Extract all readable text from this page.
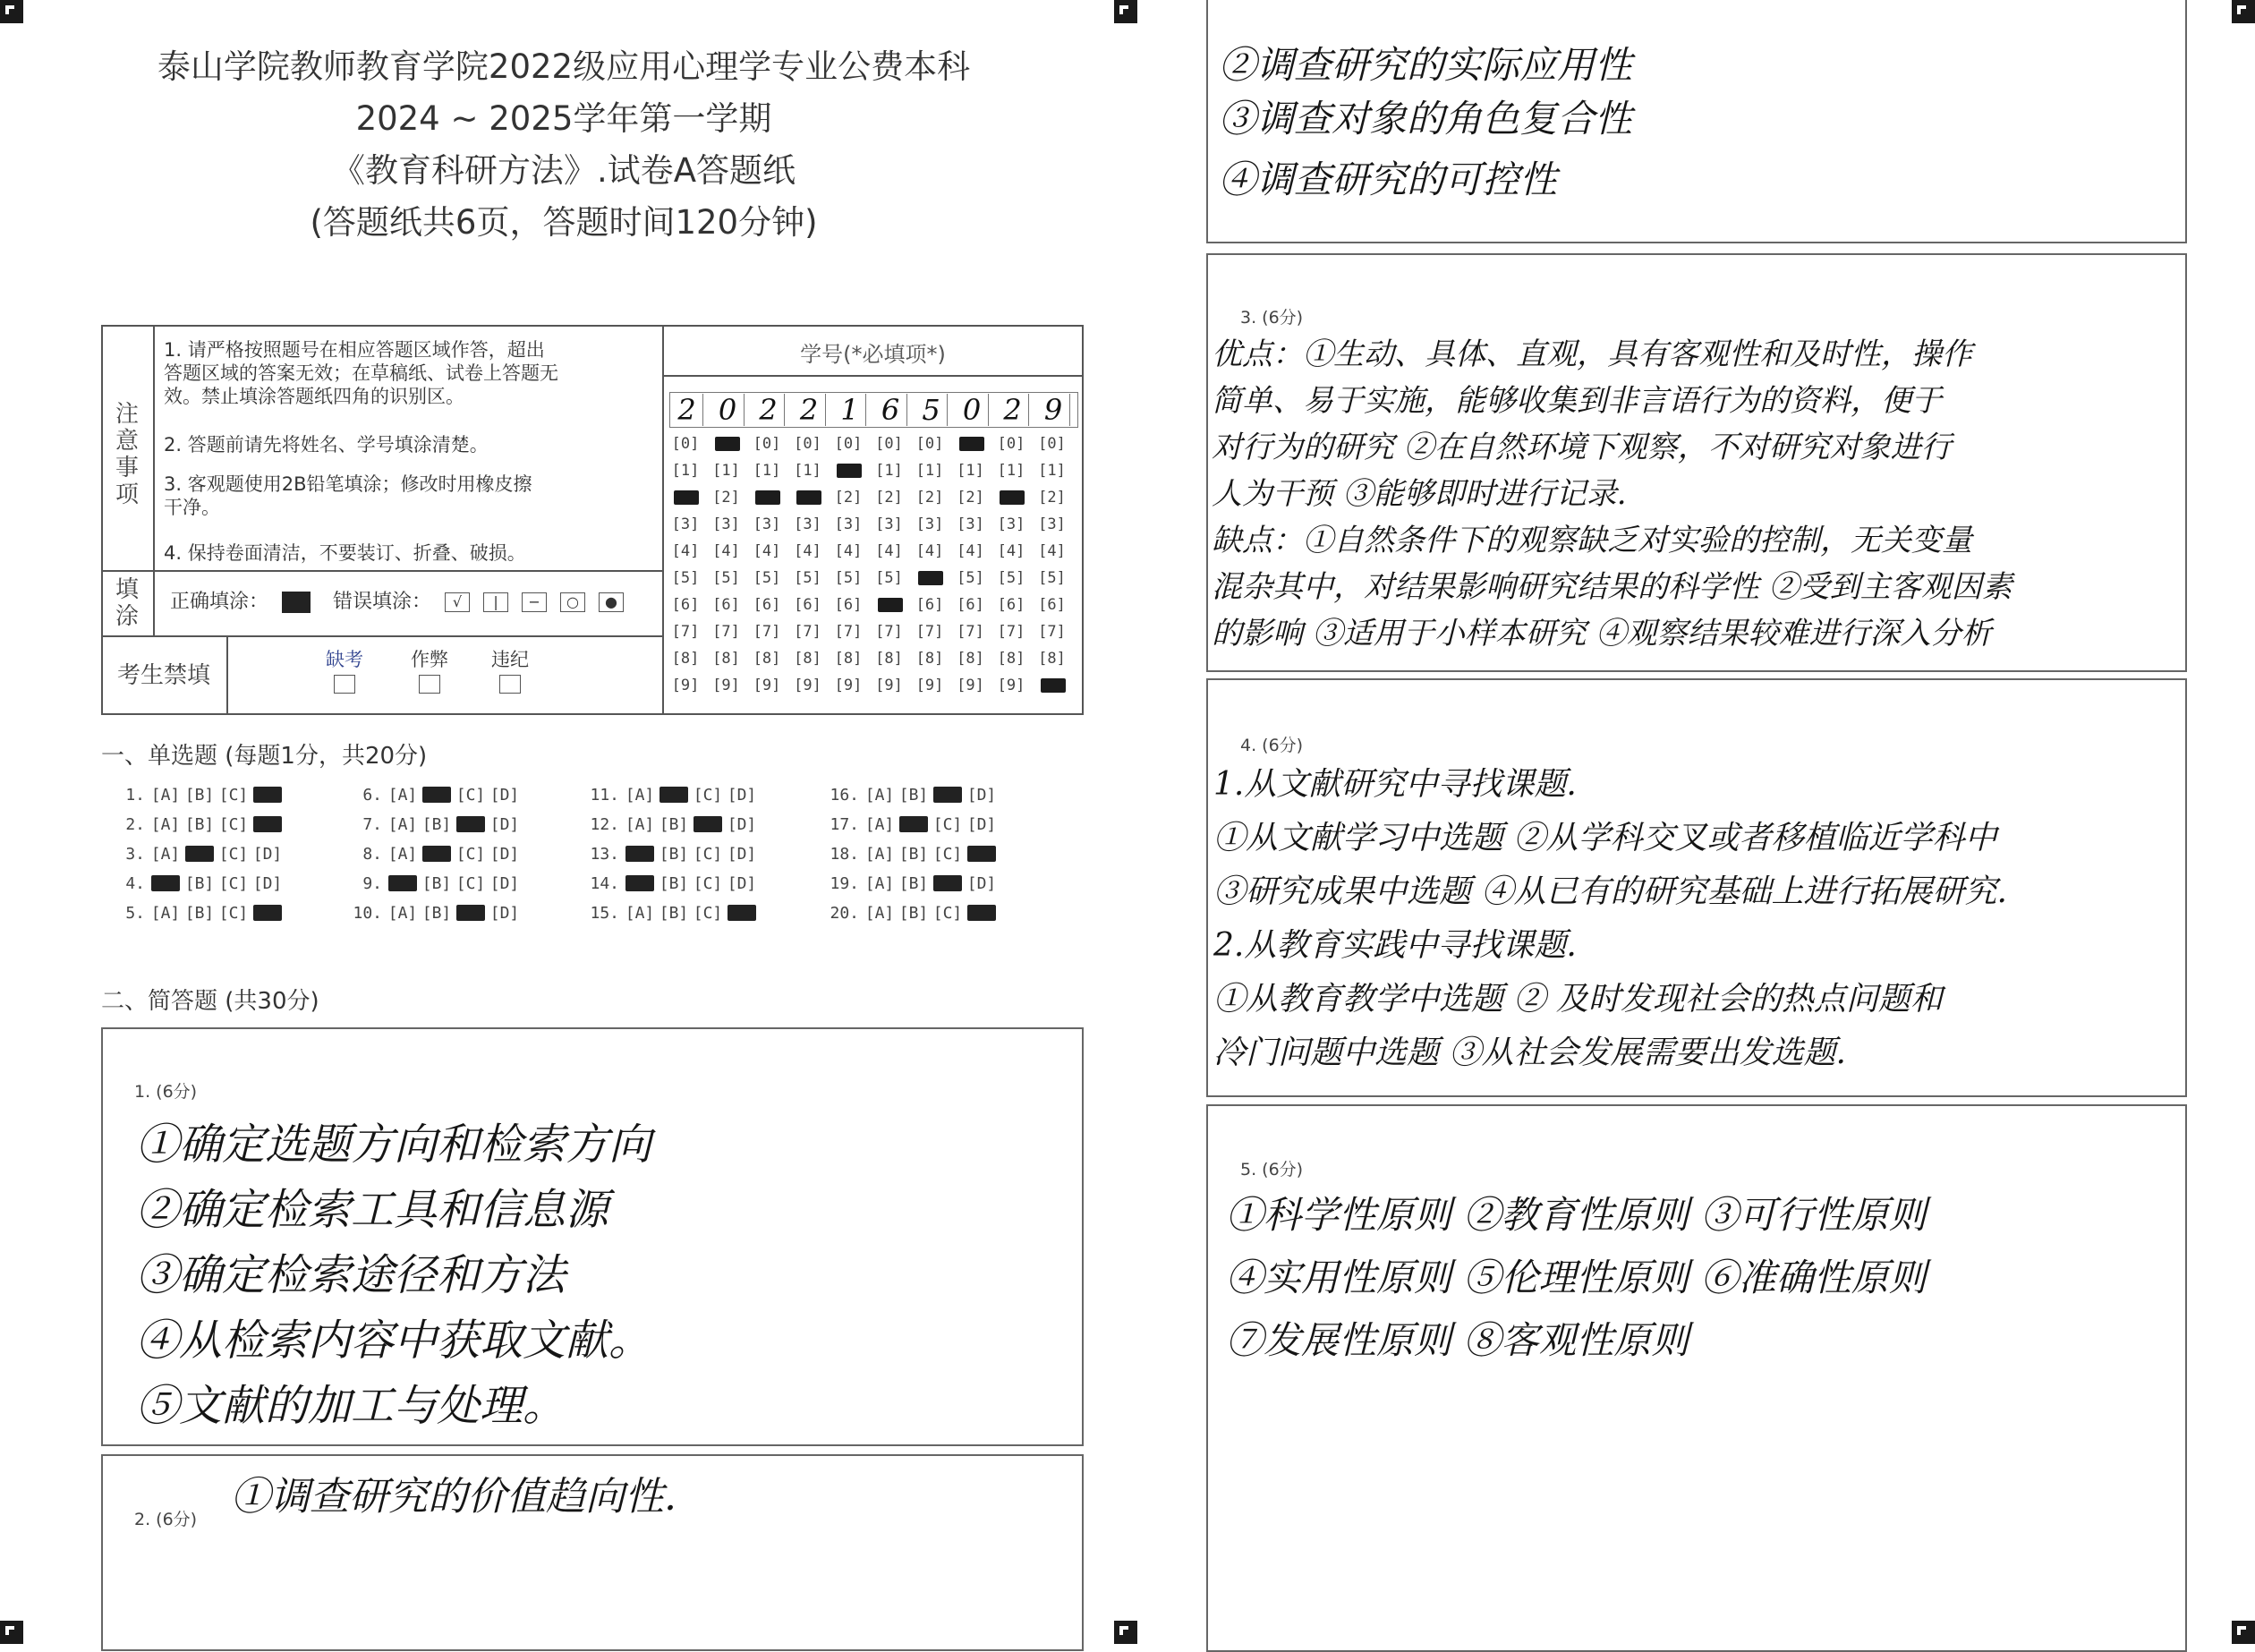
泰山学院教师教育学院2022级应用心理学专业公费本科
2024 ~ 2025学年第一学期
《教育科研方法》.试卷A答题纸
(答题纸共6页，答题时间120分钟)
注意事项
填涂
考生禁填
1. 请严格按照题号在相应答题区域作答，超出
答题区域的答案无效；在草稿纸、试卷上答题无
效。禁止填涂答题纸四角的识别区。
2. 答题前请先将姓名、学号填涂清楚。
3. 客观题使用2B铅笔填涂；修改时用橡皮擦
干净。
4. 保持卷面清洁，不要装订、折叠、破损。
正确填涂：	错误填涂： √ | − ○ ●
缺考	作弊 违纪

学号(*必填项*)
2 0 2 2 1 6 5 0 2 9
[0]
[1]
[3]
[4]
[5]
[6]
[7]
[8]
[9]
[1]
[2]
[3]
[4]
[5]
[6]
[7]
[8]
[9]
[0]
[1]
[3]
[4]
[5]
[6]
[7]
[8]
[9]
[0]
[1]
[3]
[4]
[5]
[6]
[7]
[8]
[9]
[0]
[2]
[3]
[4]
[5]
[6]
[7]
[8]
[9]
[0]
[1]
[2]
[3]
[4]
[5]
[7]
[8]
[9]
[0]
[1]
[2]
[3]
[4]
[6]
[7]
[8]
[9]
[1]
[2]
[3]
[4]
[5]
[6]
[7]
[8]
[9]
[0]
[1]
[3]
[4]
[5]
[6]
[7]
[8]
[9]
[0]
[1]
[2]
[3]
[4]
[5]
[6]
[7]
[8]
一、单选题 (每题1分，共20分)
1. [A] [B] [C]
2. [A] [B] [C]
3. [A] [C] [D]
4. [B] [C] [D]
5. [A] [B] [C]
6. [A] [C] [D]
7. [A] [B] [D]
8. [A] [C] [D]
9. [B] [C] [D]
10. [A] [B] [D]
11. [A] [C] [D]
12. [A] [B] [D]
13. [B] [C] [D]
14. [B] [C] [D]
15. [A] [B] [C]
16. [A] [B] [D]
17. [A] [C] [D]
18. [A] [B] [C]
19. [A] [B] [D]
20. [A] [B] [C]
二、简答题 (共30分)
1. (6分)
①确定选题方向和检索方向
②确定检索工具和信息源
③确定检索途径和方法
④从检索内容中获取文献。
⑤文献的加工与处理。
2. (6分) ①调查研究的价值趋向性.
②调查研究的实际应用性
③调查对象的角色复合性
④调查研究的可控性
3. (6分)
优点：①生动、具体、直观，具有客观性和及时性，操作
简单、易于实施，能够收集到非言语行为的资料，便于
对行为的研究 ②在自然环境下观察，不对研究对象进行
人为干预 ③能够即时进行记录.
缺点：①自然条件下的观察缺乏对实验的控制，无关变量
混杂其中，对结果影响研究结果的科学性 ②受到主客观因素
的影响 ③适用于小样本研究 ④观察结果较难进行深入分析
4. (6分)
1.从文献研究中寻找课题.
①从文献学习中选题 ②从学科交叉或者移植临近学科中
③研究成果中选题 ④从已有的研究基础上进行拓展研究.
2.从教育实践中寻找课题.
①从教育教学中选题 ② 及时发现社会的热点问题和
冷门问题中选题 ③从社会发展需要出发选题.
5. (6分)
①科学性原则 ②教育性原则 ③可行性原则
④实用性原则 ⑤伦理性原则 ⑥准确性原则
⑦发展性原则 ⑧客观性原则
